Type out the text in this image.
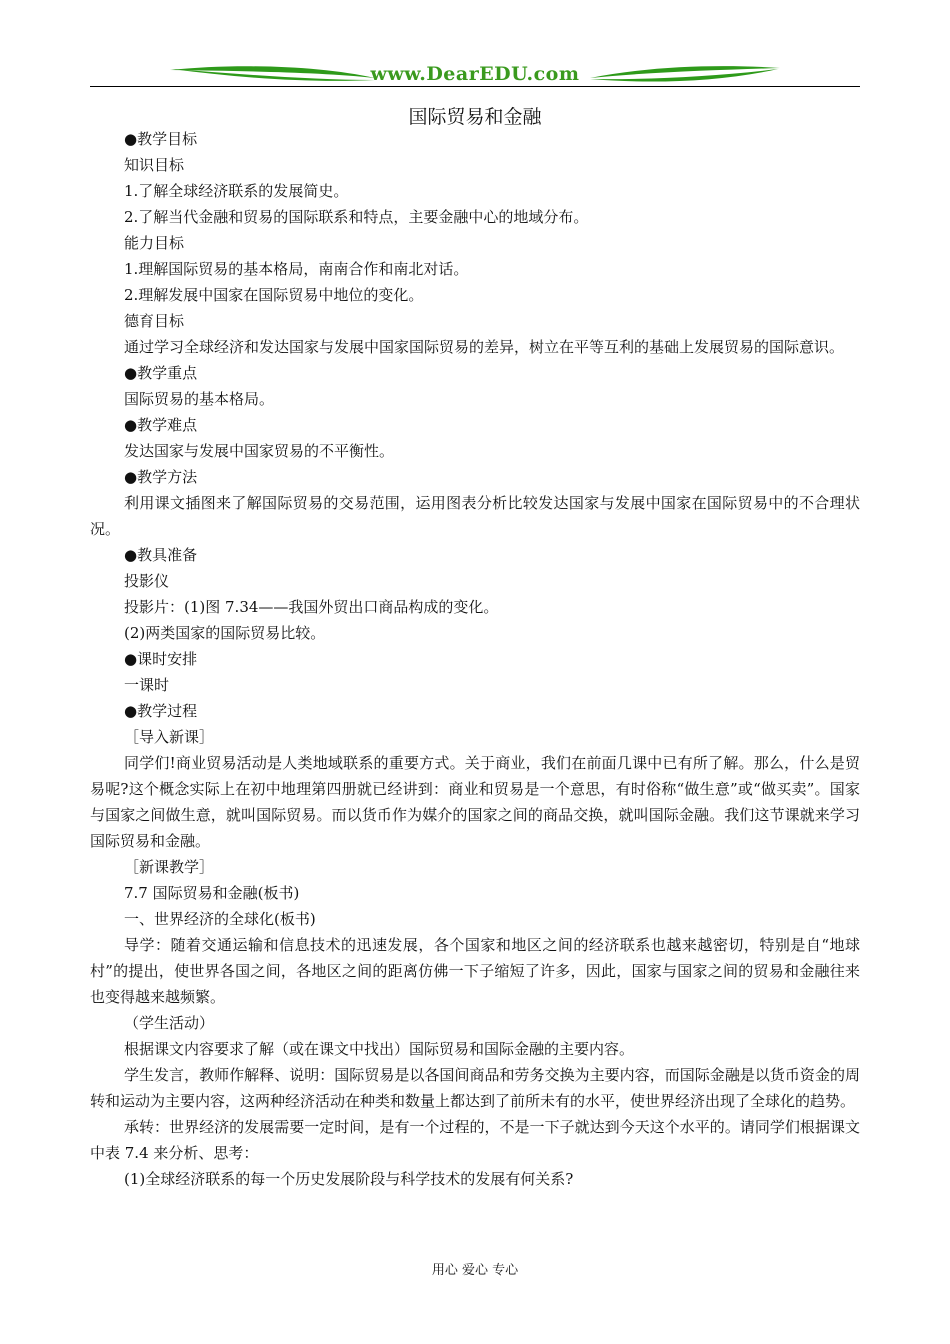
www.DearEDU.com
国际贸易和金融

●教学目标

知识目标

1.了解全球经济联系的发展简史。

2.了解当代金融和贸易的国际联系和特点，主要金融中心的地域分布。

能力目标

1.理解国际贸易的基本格局，南南合作和南北对话。

2.理解发展中国家在国际贸易中地位的变化。

德育目标

通过学习全球经济和发达国家与发展中国家国际贸易的差异，树立在平等互利的基础上发展贸易的国际意识。

●教学重点

国际贸易的基本格局。

●教学难点

发达国家与发展中国家贸易的不平衡性。

●教学方法

利用课文插图来了解国际贸易的交易范围，运用图表分析比较发达国家与发展中国家在国际贸易中的不合理状况。

●教具准备

投影仪

投影片：(1)图 7.34——我国外贸出口商品构成的变化。

(2)两类国家的国际贸易比较。

●课时安排

一课时

●教学过程

［导入新课］

同学们!商业贸易活动是人类地域联系的重要方式。关于商业，我们在前面几课中已有所了解。那么，什么是贸易呢?这个概念实际上在初中地理第四册就已经讲到：商业和贸易是一个意思，有时俗称“做生意”或“做买卖”。国家与国家之间做生意，就叫国际贸易。而以货币作为媒介的国家之间的商品交换，就叫国际金融。我们这节课就来学习国际贸易和金融。

［新课教学］

7.7 国际贸易和金融(板书)

一、世界经济的全球化(板书)

导学：随着交通运输和信息技术的迅速发展，各个国家和地区之间的经济联系也越来越密切，特别是自“地球村”的提出，使世界各国之间，各地区之间的距离仿佛一下子缩短了许多，因此，国家与国家之间的贸易和金融往来也变得越来越频繁。

（学生活动）

根据课文内容要求了解（或在课文中找出）国际贸易和国际金融的主要内容。

学生发言，教师作解释、说明：国际贸易是以各国间商品和劳务交换为主要内容，而国际金融是以货币资金的周转和运动为主要内容，这两种经济活动在种类和数量上都达到了前所未有的水平，使世界经济出现了全球化的趋势。

承转：世界经济的发展需要一定时间，是有一个过程的，不是一下子就达到今天这个水平的。请同学们根据课文中表 7.4 来分析、思考：

(1)全球经济联系的每一个历史发展阶段与科学技术的发展有何关系?

用心 爱心 专心
